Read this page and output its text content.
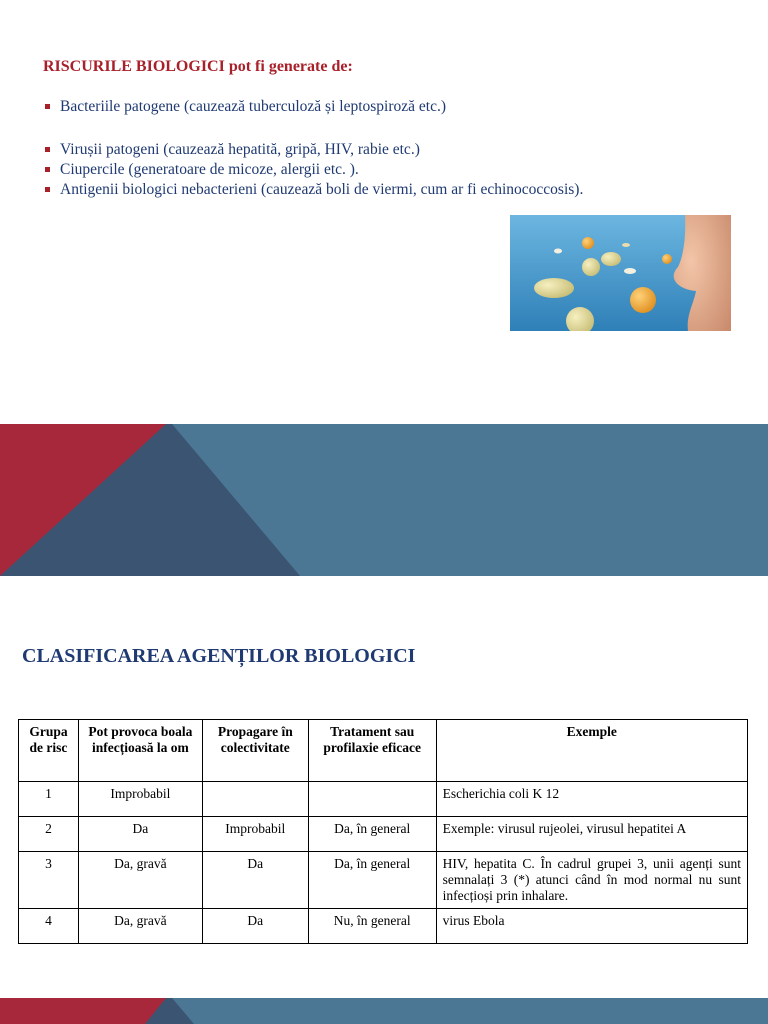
RISCURILE BIOLOGICI pot fi generate de:
Bacteriile patogene (cauzează tuberculoză și leptospiroză etc.)
Virușii patogeni (cauzează hepatită, gripă, HIV, rabie etc.)
Ciupercile (generatoare de micoze, alergii etc. ).
Antigenii biologici nebacterieni (cauzează boli de viermi, cum ar fi echinococcosis).
CLASIFICAREA AGENȚILOR BIOLOGICI
Grupa de risc	Pot provoca boala infecțioasă la om	Propagare în colectivitate	Tratament sau profilaxie eficace	Exemple
1	Improbabil			Escherichia coli K 12
2	Da	Improbabil	Da, în general	Exemple: virusul rujeolei, virusul hepatitei A
3	Da, gravă	Da	Da, în general	HIV, hepatita C. În cadrul grupei 3, unii agenți sunt semnalați 3 (*) atunci când în mod normal nu sunt infecțioși prin inhalare.
4	Da, gravă	Da	Nu, în general	virus Ebola
